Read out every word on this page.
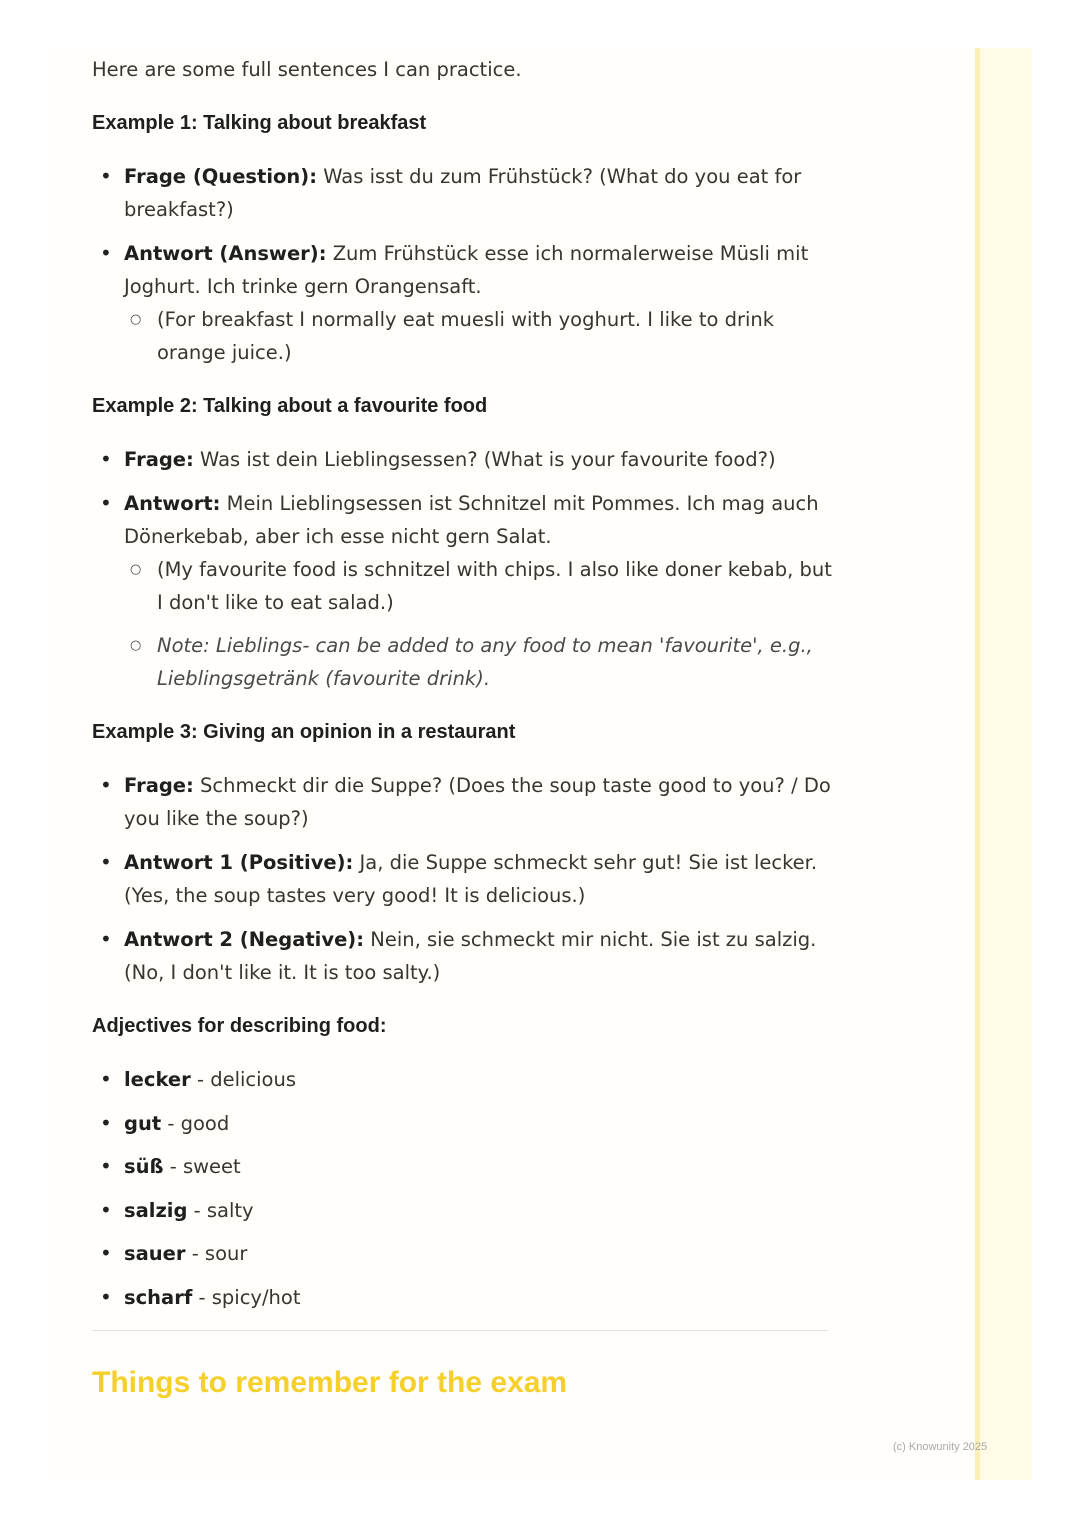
Here are some full sentences I can practice.

Example 1: Talking about breakfast
• Frage (Question): Was isst du zum Frühstück? (What do you eat for breakfast?)
• Antwort (Answer): Zum Frühstück esse ich normalerweise Müsli mit Joghurt. Ich trinke gern Orangensaft.
○ (For breakfast I normally eat muesli with yoghurt. I like to drink orange juice.)
Example 2: Talking about a favourite food
• Frage: Was ist dein Lieblingsessen? (What is your favourite food?)
• Antwort: Mein Lieblingsessen ist Schnitzel mit Pommes. Ich mag auch Dönerkebab, aber ich esse nicht gern Salat.
○ (My favourite food is schnitzel with chips. I also like doner kebab, but I don't like to eat salad.)
○ Note: Lieblings- can be added to any food to mean 'favourite', e.g., Lieblingsgetränk (favourite drink).
Example 3: Giving an opinion in a restaurant
• Frage: Schmeckt dir die Suppe? (Does the soup taste good to you? / Do you like the soup?)
• Antwort 1 (Positive): Ja, die Suppe schmeckt sehr gut! Sie ist lecker. (Yes, the soup tastes very good! It is delicious.)
• Antwort 2 (Negative): Nein, sie schmeckt mir nicht. Sie ist zu salzig. (No, I don't like it. It is too salty.)
Adjectives for describing food:
• lecker - delicious
• gut - good
• süß - sweet
• salzig - salty
• sauer - sour
• scharf - spicy/hot
Things to remember for the exam
(c) Knowunity 2025
